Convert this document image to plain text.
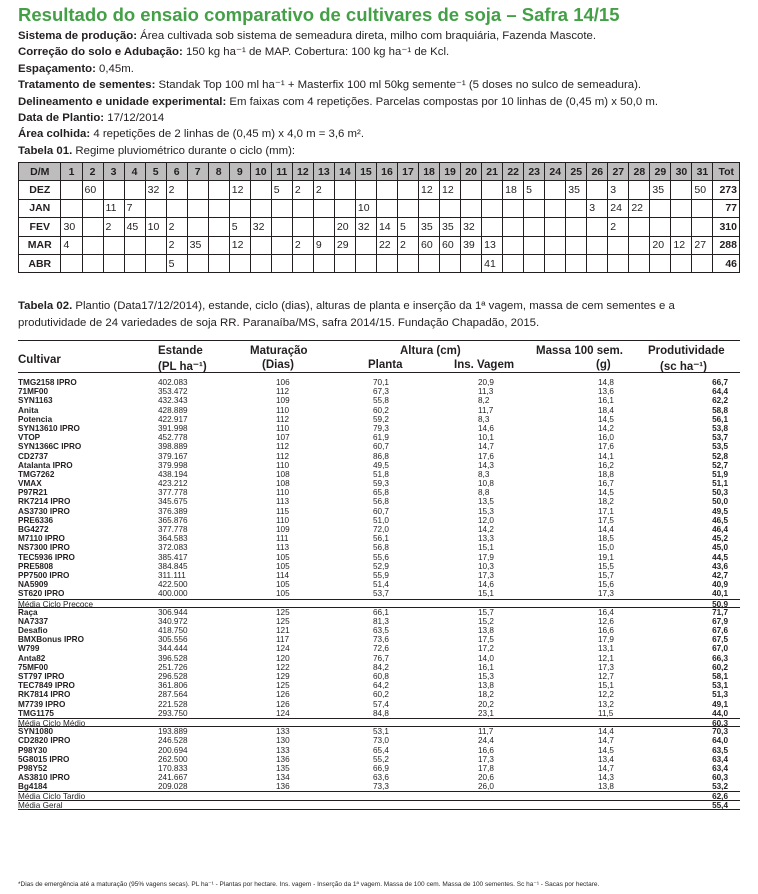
Resultado do ensaio comparativo de cultivares de soja – Safra 14/15
Sistema de produção: Área cultivada sob sistema de semeadura direta, milho com braquiária, Fazenda Mascote.
Correção do solo e Adubação: 150 kg ha⁻¹ de MAP. Cobertura: 100 kg ha⁻¹ de Kcl.
Espaçamento: 0,45m.
Tratamento de sementes: Standak Top 100 ml ha⁻¹ + Masterfix 100 ml 50kg semente⁻¹ (5 doses no sulco de semeadura).
Delineamento e unidade experimental: Em faixas com 4 repetições. Parcelas compostas por 10 linhas de (0,45 m) x 50,0 m.
Data de Plantio: 17/12/2014
Área colhida: 4 repetições de 2 linhas de (0,45 m) x 4,0 m = 3,6 m².
Tabela 01. Regime pluviométrico durante o ciclo (mm):
D/M	1	2	3	4	5	6	7	8	9	10	11	12	13	14	15	16	17	18	19	20	21	22	23	24	25	26	27	28	29	30	31	Tot
DEZ		60			32	2			12		5	2	2					12	12			18	5		35		3		35		50	273
JAN			11	7											10											3	24	22				77
FEV	30		2	45	10	2			5	32				20	32	14	5	35	35	32							2					310
MAR	4					2	35		12			2	9	29		22	2	60	60	39	13								20	12	27	288
ABR						5															41											46
Tabela 02. Plantio (Data17/12/2014), estande, ciclo (dias), alturas de planta e inserção da 1ª vagem, massa de cem sementes e a produtividade de 24 variedades de soja RR. Paranaíba/MS, safra 2014/15. Fundação Chapadão, 2015.
Cultivar
Estande
(PL ha⁻¹)
Maturação
(Dias)
Altura (cm)
Planta	Ins. Vagem
Massa 100 sem.
(g)
Produtividade
(sc ha⁻¹)
TMG2158 IPRO	402.083	106	70,1	20,9	14,8	66,7
71MF00	353.472	112	67,3	11,3	13,6	64,4
SYN1163	432.343	109	55,8	8,2	16,1	62,2
Anita	428.889	110	60,2	11,7	18,4	58,8
Potencia	422.917	112	59,2	8,3	14,5	56,1
SYN13610 IPRO	391.998	110	79,3	14,6	14,2	53,8
VTOP	452.778	107	61,9	10,1	16,0	53,7
SYN1366C IPRO	398.889	112	60,7	14,7	17,6	53,5
CD2737	379.167	112	86,8	17,6	14,1	52,8
Atalanta IPRO	379.998	110	49,5	14,3	16,2	52,7
TMG7262	438.194	108	51,8	8,3	18,8	51,9
VMAX	423.212	108	59,3	10,8	16,7	51,1
P97R21	377.778	110	65,8	8,8	14,5	50,3
RK7214 IPRO	345.675	113	56,8	13,5	18,2	50,0
AS3730 IPRO	376.389	115	60,7	15,3	17,1	49,5
PRE6336	365.876	110	51,0	12,0	17,5	46,5
BG4272	377.778	109	72,0	14,2	14,4	46,4
M7110 IPRO	364.583	111	56,1	13,3	18,5	45,2
NS7300 IPRO	372.083	113	56,8	15,1	15,0	45,0
TEC5936 IPRO	385.417	105	55,6	17,9	19,1	44,5
PRE5808	384.845	105	52,9	10,3	15,5	43,6
PP7500 IPRO	311.111	114	55,9	17,3	15,7	42,7
NA5909	422.500	105	51,4	14,6	15,6	40,9
ST620 IPRO	400.000	105	53,7	15,1	17,3	40,1
Média Ciclo Precoce	50,9
Raça	306.944	125	66,1	15,7	16,4	71,7
NA7337	340.972	125	81,3	15,2	12,6	67,9
Desafio	418.750	121	63,5	13,8	16,6	67,6
BMXBonus IPRO	305.556	117	73,6	17,5	17,9	67,5
W799	344.444	124	72,6	17,2	13,1	67,0
Anta82	396.528	120	76,7	14,0	12,1	66,3
75MF00	251.726	122	84,2	16,1	17,3	60,2
ST797 IPRO	296.528	129	60,8	15,3	12,7	58,1
TEC7849 IPRO	361.806	125	64,2	13,8	15,1	53,1
RK7814 IPRO	287.564	126	60,2	18,2	12,2	51,3
M7739 IPRO	221.528	126	57,4	20,2	13,2	49,1
TMG1175	293.750	124	84,8	23,1	11,5	44,0
Média Ciclo Médio	60,3
SYN1080	193.889	133	53,1	11,7	14,4	70,3
CD2820 IPRO	246.528	130	73,0	24,4	14,7	64,0
P98Y30	200.694	133	65,4	16,6	14,5	63,5
5G8015 IPRO	262.500	136	55,2	17,3	13,4	63,4
P98Y52	170.833	135	66,9	17,8	14,7	63,4
AS3810 IPRO	241.667	134	63,6	20,6	14,3	60,3
Bg4184	209.028	136	73,3	26,0	13,8	53,2
Média Ciclo Tardio	62,6
Média Geral	55,4
*Dias de emergência até a maturação (95% vagens secas). PL ha⁻¹ - Plantas por hectare. Ins. vagem - Inserção da 1ª vagem. Massa de 100 cem. Massa de 100 sementes. Sc ha⁻¹ - Sacas por hectare.
